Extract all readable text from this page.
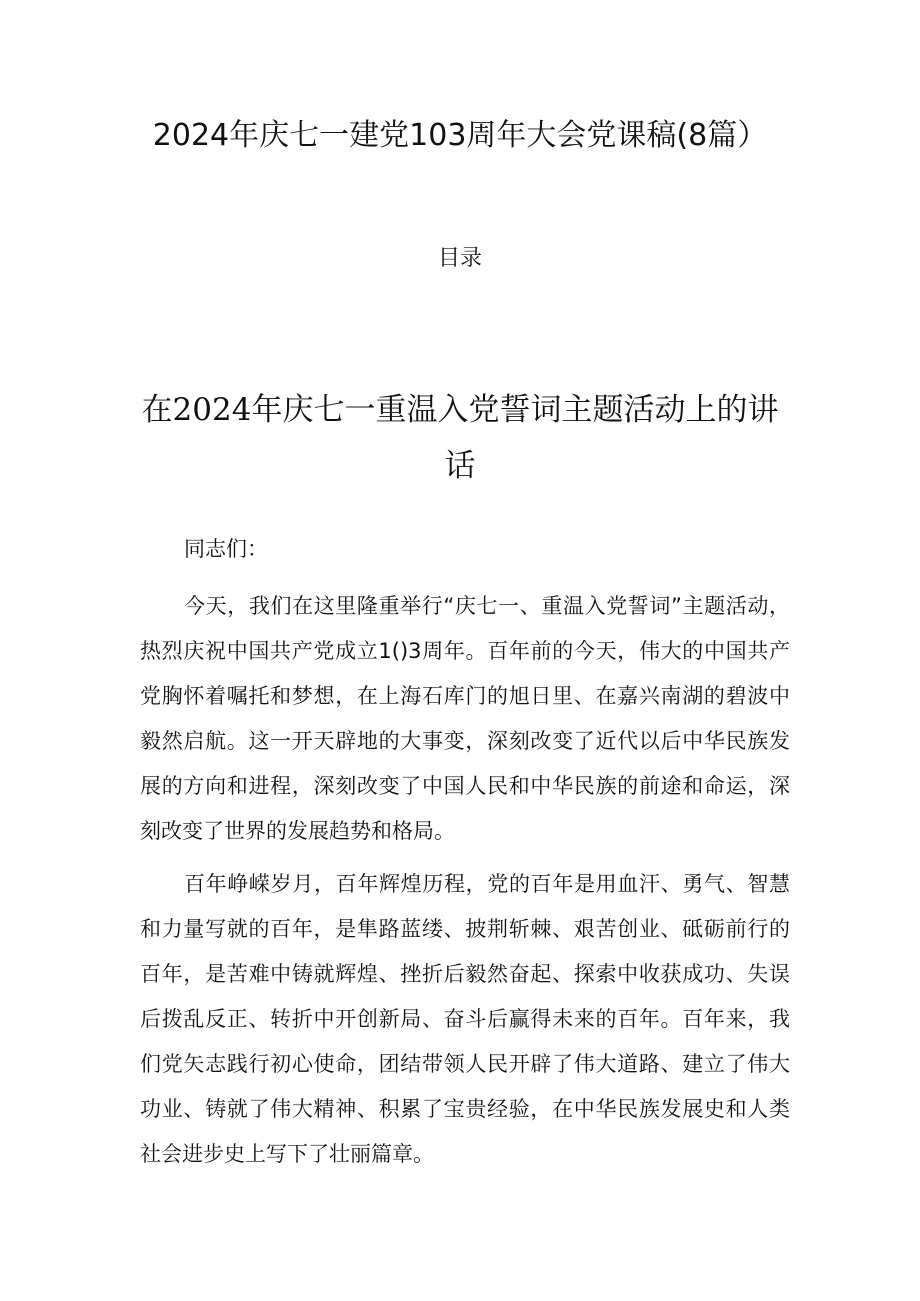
2024年庆七一建党103周年大会党课稿(8篇）
目录
在2024年庆七一重温入党誓词主题活动上的讲话

同志们：

今天，我们在这里隆重举行“庆七一、重温入党誓词”主题活动，热烈庆祝中国共产党成立1()3周年。百年前的今天，伟大的中国共产党胸怀着嘱托和梦想，在上海石库门的旭日里、在嘉兴南湖的碧波中毅然启航。这一开天辟地的大事变，深刻改变了近代以后中华民族发展的方向和进程，深刻改变了中国人民和中华民族的前途和命运，深刻改变了世界的发展趋势和格局。

百年峥嵘岁月，百年辉煌历程，党的百年是用血汗、勇气、智慧和力量写就的百年，是隼路蓝缕、披荆斩棘、艰苦创业、砥砺前行的百年，是苦难中铸就辉煌、挫折后毅然奋起、探索中收获成功、失误后拨乱反正、转折中开创新局、奋斗后赢得未来的百年。百年来，我们党矢志践行初心使命，团结带领人民开辟了伟大道路、建立了伟大功业、铸就了伟大精神、积累了宝贵经验，在中华民族发展史和人类社会进步史上写下了壮丽篇章。
